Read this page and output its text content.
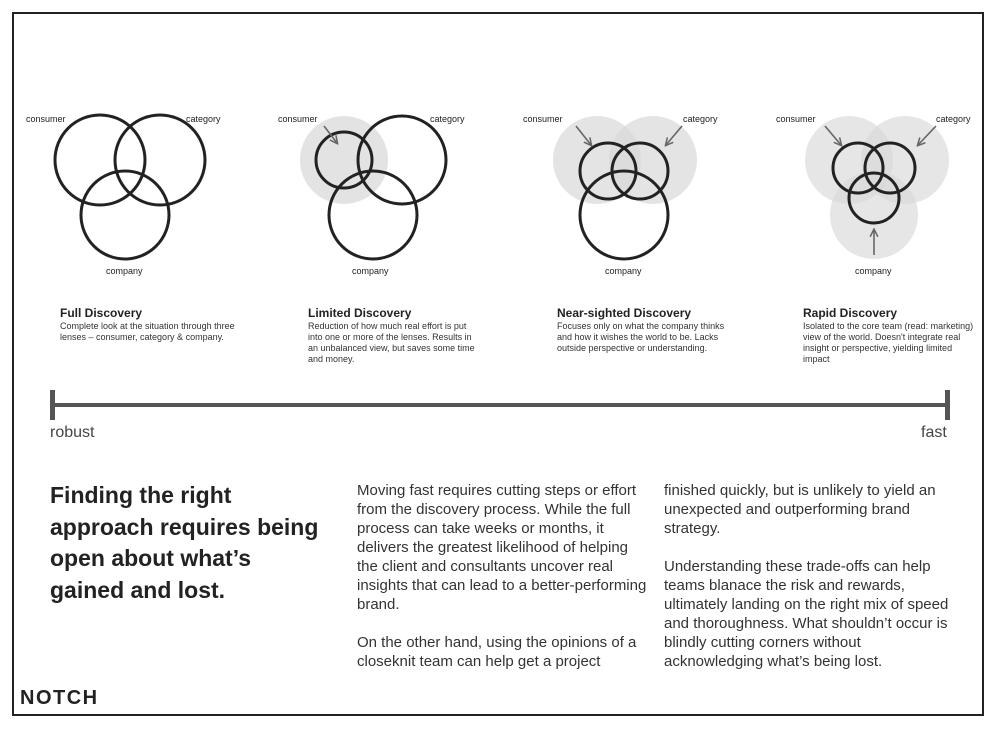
consumer	category
company
consumer	category
company
consumer	category
company
consumer	category
company
Full Discovery
Complete look at the situation through three lenses – consumer, category & company.
Limited Discovery
Reduction of how much real effort is put into one or more of the lenses. Results in an unbalanced view, but saves some time and money.
Near-sighted Discovery
Focuses only on what the company thinks and how it wishes the world to be. Lacks outside perspective or understanding.
Rapid Discovery
Isolated to the core team (read: marketing) view of the world. Doesn't integrate real insight or perspective, yielding limited impact
robust	fast
Finding the right approach requires being open about what’s gained and lost.

Moving fast requires cutting steps or effort from the discovery process. While the full process can take weeks or months, it delivers the greatest likelihood of helping the client and consultants uncover real insights that can lead to a better-performing brand.

On the other hand, using the opinions of a closeknit team can help get a project

finished quickly, but is unlikely to yield an unexpected and outperforming brand strategy.

Understanding these trade-offs can help teams blanace the risk and rewards, ultimately landing on the right mix of speed and thoroughness. What shouldn’t occur is blindly cutting corners without acknowledging what’s being lost.

NOTCH
